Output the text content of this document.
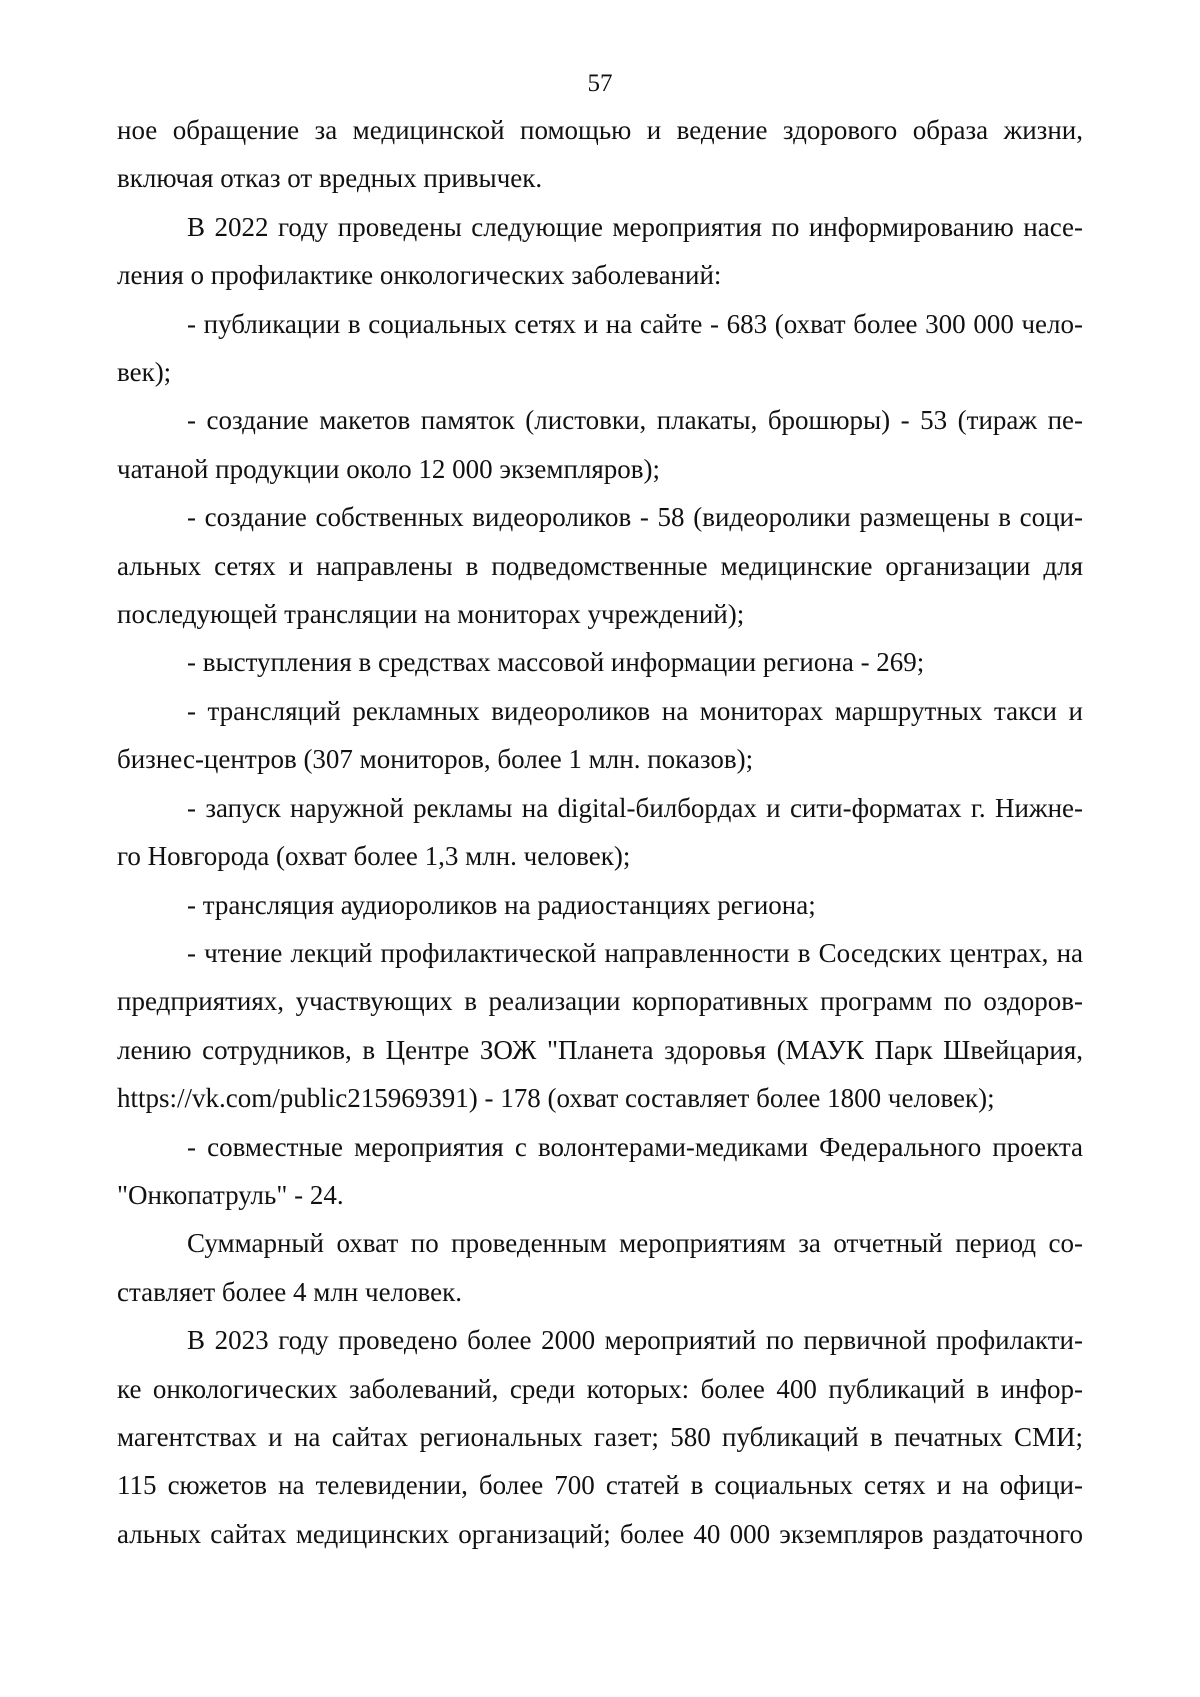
57
ное обращение за медицинской помощью и ведение здорового образа жизни,
включая отказ от вредных привычек.
В 2022 году проведены следующие мероприятия по информированию насе-
ления о профилактике онкологических заболеваний:
- публикации в социальных сетях и на сайте - 683 (охват более 300 000 чело-
век);
- создание макетов памяток (листовки, плакаты, брошюры) - 53 (тираж пе-
чатаной продукции около 12 000 экземпляров);
- создание собственных видеороликов - 58 (видеоролики размещены в соци-
альных сетях и направлены в подведомственные медицинские организации для
последующей трансляции на мониторах учреждений);
- выступления в средствах массовой информации региона - 269;
- трансляций рекламных видеороликов на мониторах маршрутных такси и
бизнес-центров (307 мониторов, более 1 млн. показов);
- запуск наружной рекламы на digital-билбордах и сити-форматах г. Нижне-
го Новгорода (охват более 1,3 млн. человек);
- трансляция аудиороликов на радиостанциях региона;
- чтение лекций профилактической направленности в Соседских центрах, на
предприятиях, участвующих в реализации корпоративных программ по оздоров-
лению сотрудников, в Центре ЗОЖ "Планета здоровья (МАУК Парк Швейцария,
https://vk.com/public215969391) - 178 (охват составляет более 1800 человек);
- совместные мероприятия с волонтерами-медиками Федерального проекта
"Онкопатруль" - 24.
Суммарный охват по проведенным мероприятиям за отчетный период со-
ставляет более 4 млн человек.
В 2023 году проведено более 2000 мероприятий по первичной профилакти-
ке онкологических заболеваний, среди которых: более 400 публикаций в инфор-
магентствах и на сайтах региональных газет; 580 публикаций в печатных СМИ;
115 сюжетов на телевидении, более 700 статей в социальных сетях и на офици-
альных сайтах медицинских организаций; более 40 000 экземпляров раздаточного
